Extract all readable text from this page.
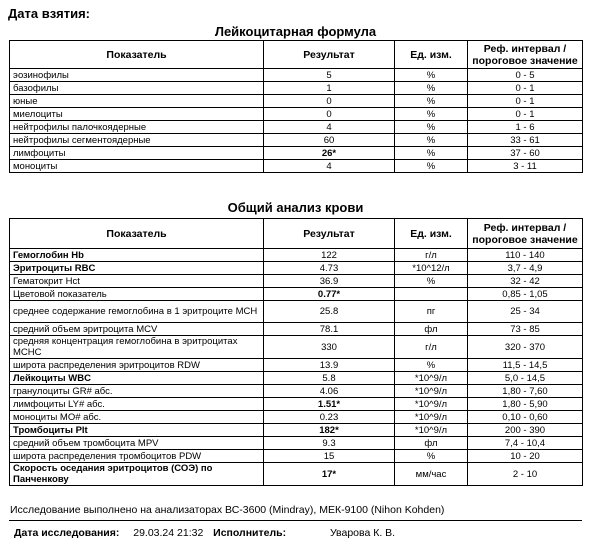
Дата взятия:
Лейкоцитарная формула
Показатель	Результат	Ед. изм.	Реф. интервал / пороговое значение
эозинофилы	5	%	0 - 5
базофилы	1	%	0 - 1
юные	0	%	0 - 1
миелоциты	0	%	0 - 1
нейтрофилы палочкоядерные	4	%	1 - 6
нейтрофилы сегментоядерные	60	%	33 - 61
лимфоциты	26*	%	37 - 60
моноциты	4	%	3 - 11
Общий анализ крови
Показатель	Результат	Ед. изм.	Реф. интервал / пороговое значение
Гемоглобин Hb	122	г/л	110 - 140
Эритроциты RBC	4.73	*10^12/л	3,7 - 4,9
Гематокрит Hct	36.9	%	32 - 42
Цветовой показатель	0.77*		0,85 - 1,05
среднее содержание гемоглобина в 1 эритроците МСН	25.8	пг	25 - 34
средний объем эритроцита MCV	78.1	фл	73 - 85
средняя концентрация гемоглобина в эритроцитах МСНС	330	г/л	320 - 370
широта распределения эритроцитов RDW	13.9	%	11,5 - 14,5
Лейкоциты WBC	5.8	*10^9/л	5,0 - 14,5
гранулоциты GR# абс.	4.06	*10^9/л	1,80 - 7,60
лимфоциты LY# абс.	1.51*	*10^9/л	1,80 - 5,90
моноциты MO# абс.	0.23	*10^9/л	0,10 - 0,60
Тромбоциты Plt	182*	*10^9/л	200 - 390
средний объем тромбоцита MPV	9.3	фл	7,4 - 10,4
широта распределения тромбоцитов PDW	15	%	10 - 20
Скорость оседания эритроцитов (СОЭ) по Панченкову	17*	мм/час	2 - 10
Исследование выполнено на анализаторах ВС-3600 (Mindray), МЕК-9100 (Nihon Kohden)
Дата исследования: 29.03.24 21:32 Исполнитель:	Уварова К. В.
